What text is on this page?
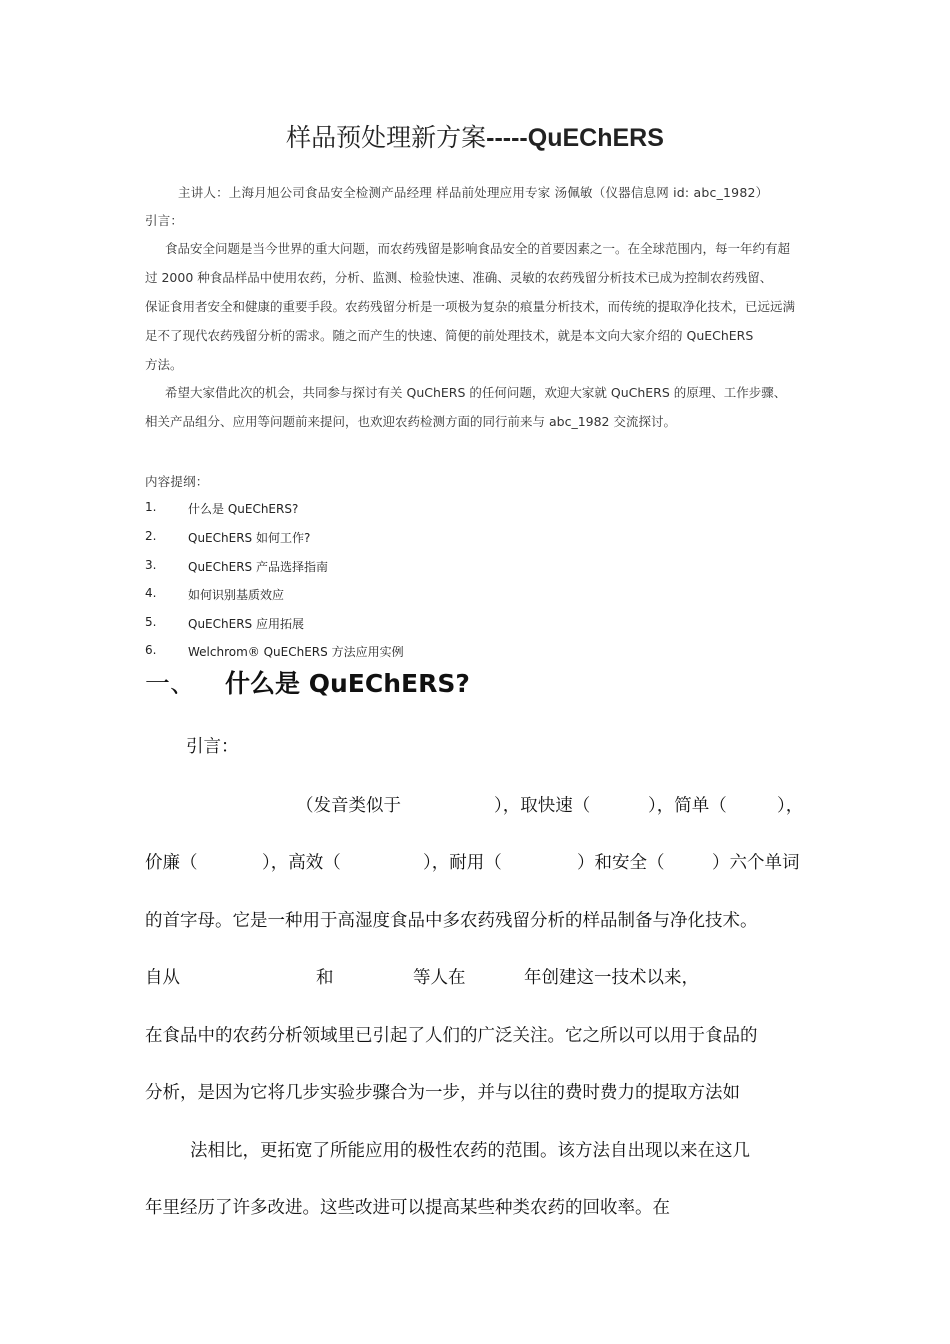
样品预处理新方案-----QuEChERS
主讲人：上海月旭公司食品安全检测产品经理 样品前处理应用专家 汤佩敏（仪器信息网 id: abc_1982）
引言：
食品安全问题是当今世界的重大问题，而农药残留是影响食品安全的首要因素之一。在全球范围内，每一年约有超
过 2000 种食品样品中使用农药，分析、监测、检验快速、准确、灵敏的农药残留分析技术已成为控制农药残留、
保证食用者安全和健康的重要手段。农药残留分析是一项极为复杂的痕量分析技术，而传统的提取净化技术，已远远满
足不了现代农药残留分析的需求。随之而产生的快速、简便的前处理技术，就是本文向大家介绍的 QuEChERS
方法。
希望大家借此次的机会，共同参与探讨有关 QuChERS 的任何问题，欢迎大家就 QuChERS 的原理、工作步骤、
相关产品组分、应用等问题前来提问，也欢迎农药检测方面的同行前来与 abc_1982 交流探讨。
内容提纲：
1.	什么是 QuEChERS?
2.	QuEChERS 如何工作?
3.	QuEChERS 产品选择指南
4.	如何识别基质效应
5.	QuEChERS 应用拓展
6.	Welchrom® QuEChERS 方法应用实例
一、 什么是 QuEChERS?
引言：
（发音类似于	），取快速（	），简单（	），
价廉（	），高效（	），耐用（	）和安全（	）六个单词
的首字母。它是一种用于高湿度食品中多农药残留分析的样品制备与净化技术。
自从	和	等人在	年创建这一技术以来，
在食品中的农药分析领域里已引起了人们的广泛关注。它之所以可以用于食品的
分析，是因为它将几步实验步骤合为一步，并与以往的费时费力的提取方法如
法相比，更拓宽了所能应用的极性农药的范围。该方法自出现以来在这几
年里经历了许多改进。这些改进可以提高某些种类农药的回收率。在
